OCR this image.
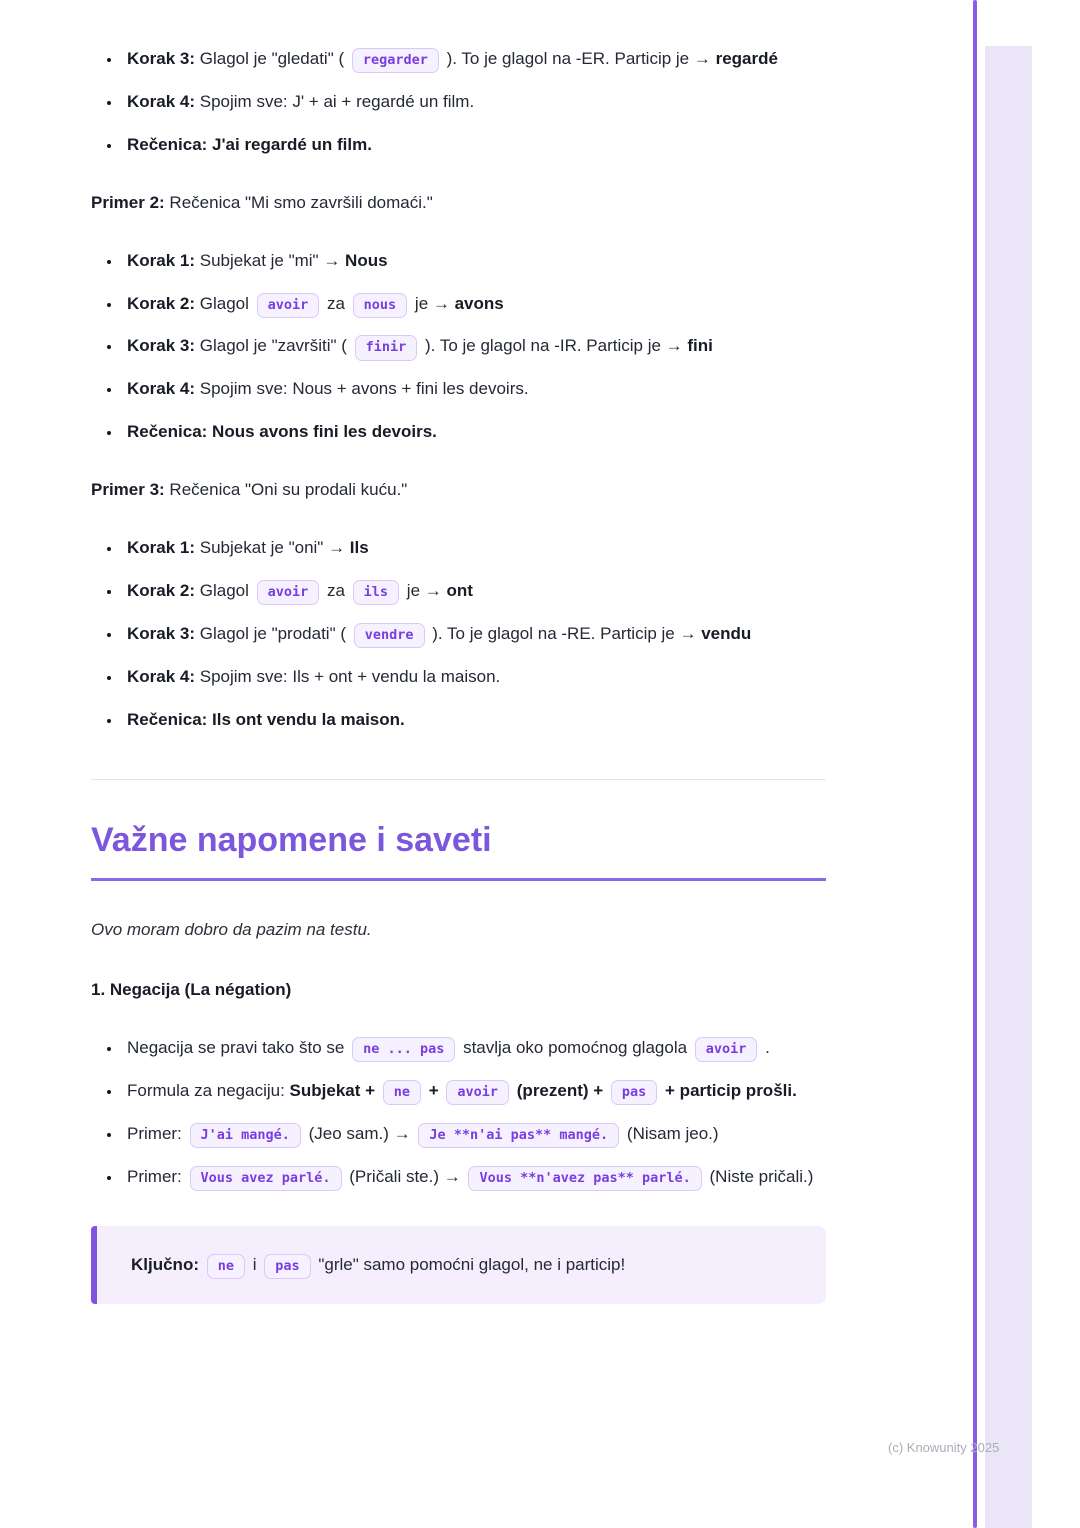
• Korak 3: Glagol je "gledati" ( regarder ). To je glagol na -ER. Particip je → regardé
• Korak 4: Spojim sve: J' + ai + regardé un film.
• Rečenica: J'ai regardé un film.

Primer 2: Rečenica "Mi smo završili domaći."

• Korak 1: Subjekat je "mi" → Nous
• Korak 2: Glagol avoir za nous je → avons
• Korak 3: Glagol je "završiti" ( finir ). To je glagol na -IR. Particip je → fini
• Korak 4: Spojim sve: Nous + avons + fini les devoirs.
• Rečenica: Nous avons fini les devoirs.

Primer 3: Rečenica "Oni su prodali kuću."

• Korak 1: Subjekat je "oni" → Ils
• Korak 2: Glagol avoir za ils je → ont
• Korak 3: Glagol je "prodati" ( vendre ). To je glagol na -RE. Particip je → vendu
• Korak 4: Spojim sve: Ils + ont + vendu la maison.
• Rečenica: Ils ont vendu la maison.
Važne napomene i saveti

Ovo moram dobro da pazim na testu.

1. Negacija (La négation)

• Negacija se pravi tako što se ne ... pas stavlja oko pomoćnog glagola avoir .
• Formula za negaciju: Subjekat + ne + avoir (prezent) + pas + particip prošli.
• Primer: J'ai mangé. (Jeo sam.) → Je **n'ai pas** mangé. (Nisam jeo.)
• Primer: Vous avez parlé. (Pričali ste.) → Vous **n'avez pas** parlé. (Niste pričali.)

Ključno: ne i pas "grle" samo pomoćni glagol, ne i particip!

(c) Knowunity 2025
